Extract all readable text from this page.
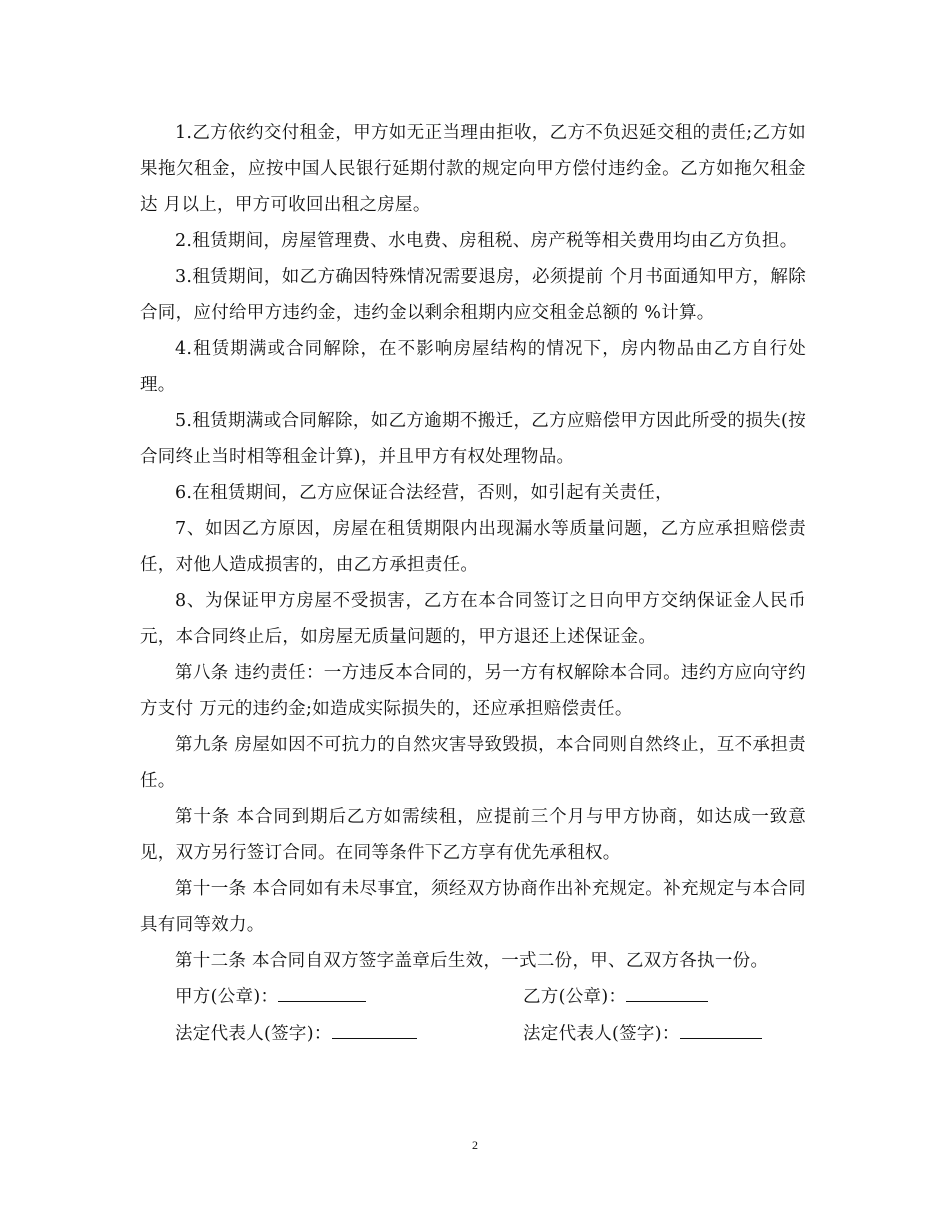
1.乙方依约交付租金，甲方如无正当理由拒收，乙方不负迟延交租的责任;乙方如果拖欠租金，应按中国人民银行延期付款的规定向甲方偿付违约金。乙方如拖欠租金达 月以上，甲方可收回出租之房屋。

2.租赁期间，房屋管理费、水电费、房租税、房产税等相关费用均由乙方负担。

3.租赁期间，如乙方确因特殊情况需要退房，必须提前 个月书面通知甲方，解除合同，应付给甲方违约金，违约金以剩余租期内应交租金总额的 %计算。

4.租赁期满或合同解除，在不影响房屋结构的情况下，房内物品由乙方自行处理。

5.租赁期满或合同解除，如乙方逾期不搬迁，乙方应赔偿甲方因此所受的损失(按合同终止当时相等租金计算)，并且甲方有权处理物品。

6.在租赁期间，乙方应保证合法经营，否则，如引起有关责任，

7、如因乙方原因，房屋在租赁期限内出现漏水等质量问题，乙方应承担赔偿责任，对他人造成损害的，由乙方承担责任。

8、为保证甲方房屋不受损害，乙方在本合同签订之日向甲方交纳保证金人民币 元，本合同终止后，如房屋无质量问题的，甲方退还上述保证金。

第八条 违约责任：一方违反本合同的，另一方有权解除本合同。违约方应向守约方支付 万元的违约金;如造成实际损失的，还应承担赔偿责任。

第九条 房屋如因不可抗力的自然灾害导致毁损，本合同则自然终止，互不承担责任。

第十条 本合同到期后乙方如需续租，应提前三个月与甲方协商，如达成一致意见，双方另行签订合同。在同等条件下乙方享有优先承租权。

第十一条 本合同如有未尽事宜，须经双方协商作出补充规定。补充规定与本合同具有同等效力。

第十二条 本合同自双方签字盖章后生效，一式二份，甲、乙双方各执一份。

甲方(公章)：	乙方(公章)：
法定代表人(签字)：	法定代表人(签字)：
2
